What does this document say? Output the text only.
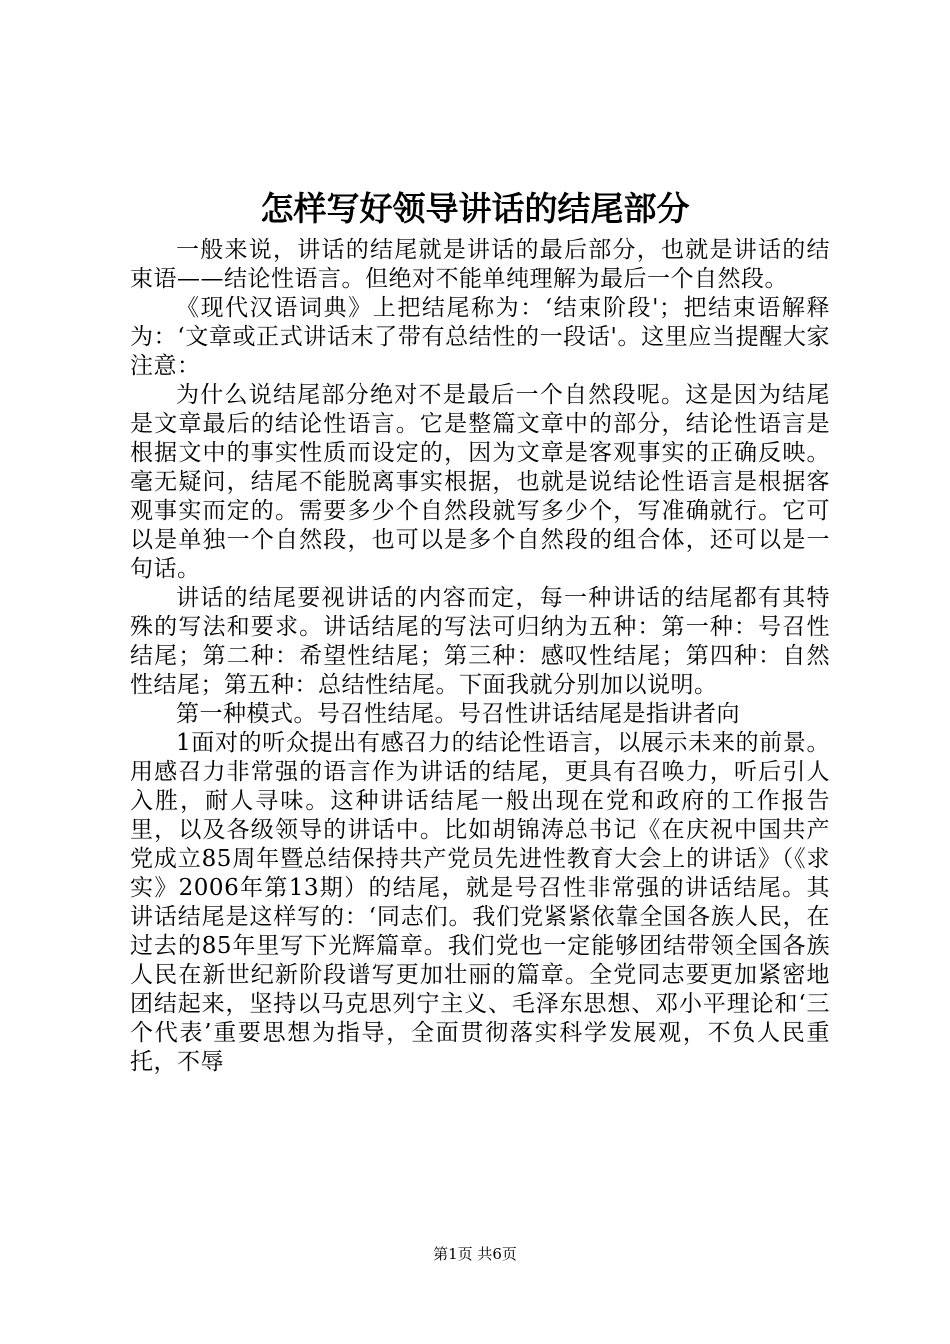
怎样写好领导讲话的结尾部分

一般来说，讲话的结尾就是讲话的最后部分，也就是讲话的结束语——结论性语言。但绝对不能单纯理解为最后一个自然段。

《现代汉语词典》上把结尾称为：‘结束阶段'；把结束语解释为：‘文章或正式讲话末了带有总结性的一段话'。这里应当提醒大家注意：

为什么说结尾部分绝对不是最后一个自然段呢。这是因为结尾是文章最后的结论性语言。它是整篇文章中的部分，结论性语言是根据文中的事实性质而设定的，因为文章是客观事实的正确反映。毫无疑问，结尾不能脱离事实根据，也就是说结论性语言是根据客观事实而定的。需要多少个自然段就写多少个，写准确就行。它可以是单独一个自然段，也可以是多个自然段的组合体，还可以是一句话。

讲话的结尾要视讲话的内容而定，每一种讲话的结尾都有其特殊的写法和要求。讲话结尾的写法可归纳为五种：第一种：号召性结尾；第二种：希望性结尾；第三种：感叹性结尾；第四种：自然性结尾；第五种：总结性结尾。下面我就分别加以说明。

第一种模式。号召性结尾。号召性讲话结尾是指讲者向

1面对的听众提出有感召力的结论性语言，以展示未来的前景。用感召力非常强的语言作为讲话的结尾，更具有召唤力，听后引人入胜，耐人寻味。这种讲话结尾一般出现在党和政府的工作报告里，以及各级领导的讲话中。比如胡锦涛总书记《在庆祝中国共产党成立85周年暨总结保持共产党员先进性教育大会上的讲话》（《求实》2006年第13期）的结尾，就是号召性非常强的讲话结尾。其讲话结尾是这样写的：‘同志们。我们党紧紧依靠全国各族人民，在过去的85年里写下光辉篇章。我们党也一定能够团结带领全国各族人民在新世纪新阶段谱写更加壮丽的篇章。全党同志要更加紧密地团结起来，坚持以马克思列宁主义、毛泽东思想、邓小平理论和‘三个代表’重要思想为指导，全面贯彻落实科学发展观，不负人民重托，不辱

第1页 共6页
